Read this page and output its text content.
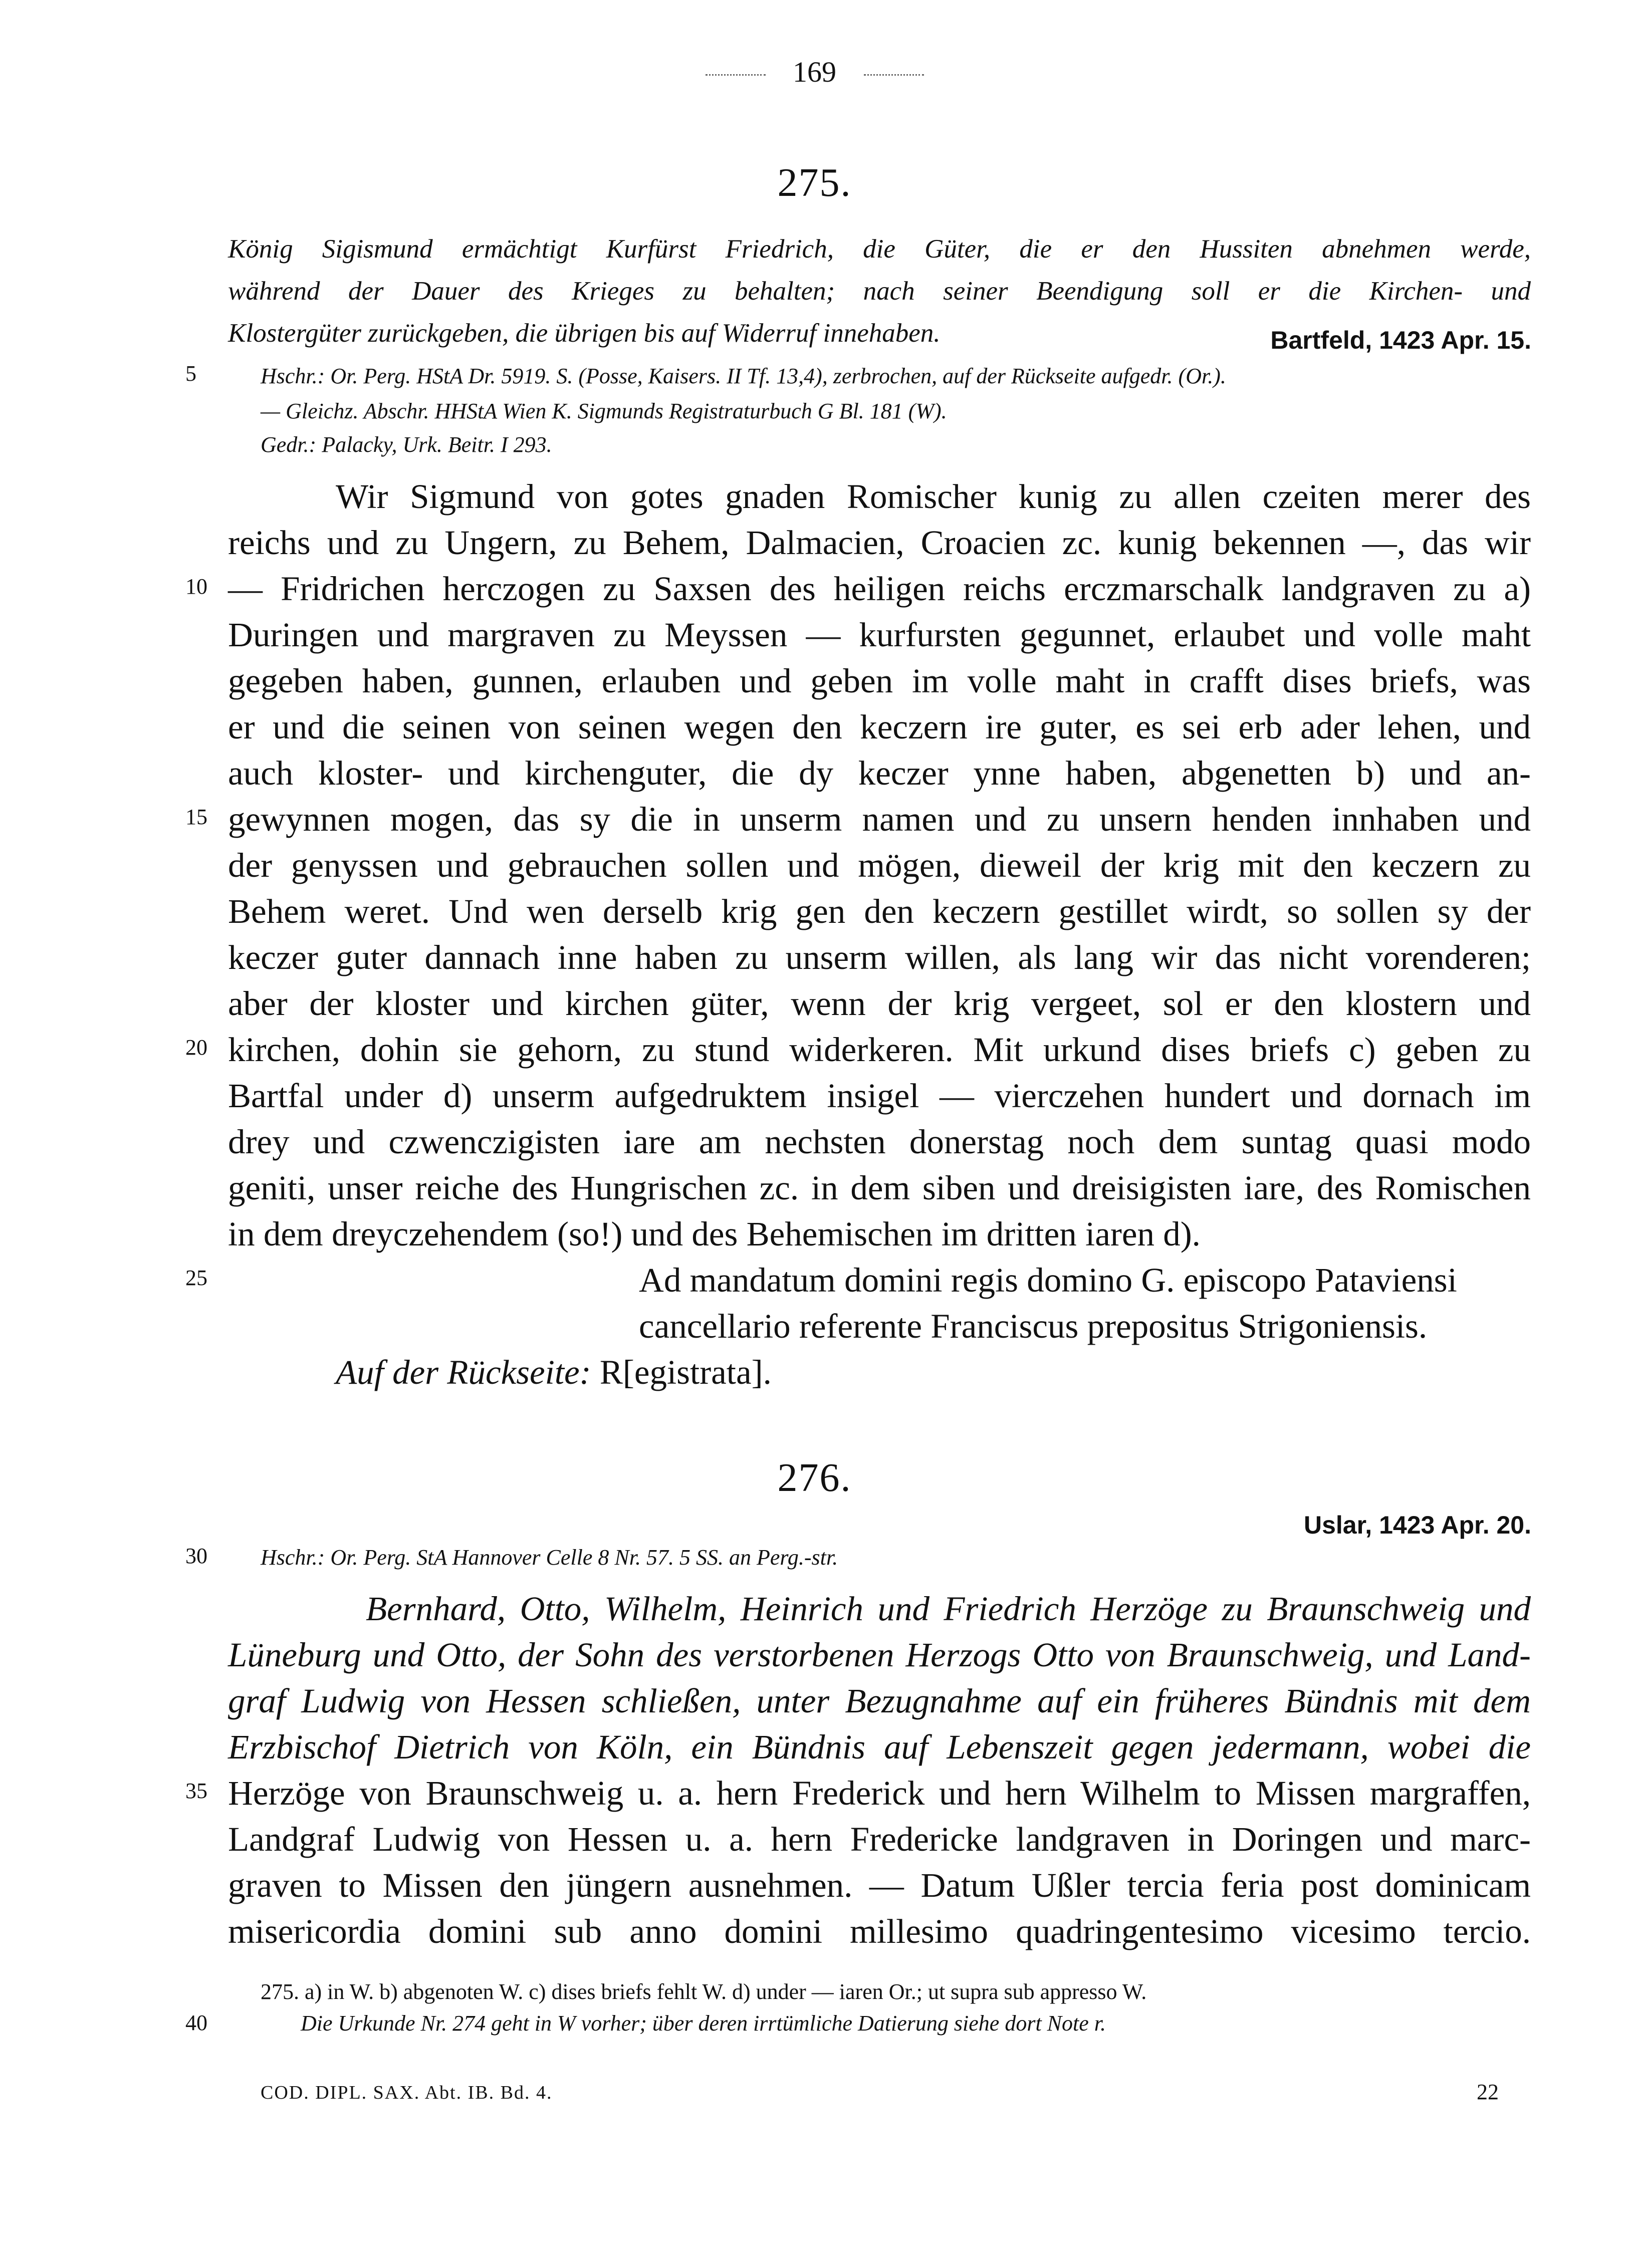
169
275.
König Sigismund ermächtigt Kurfürst Friedrich, die Güter, die er den Hussiten abnehmen werde,
während der Dauer des Krieges zu behalten; nach seiner Beendigung soll er die Kirchen- und
Klostergüter zurückgeben, die übrigen bis auf Widerruf innehaben.	Bartfeld, 1423 Apr. 15.
5	Hschr.: Or. Perg. HStA Dr. 5919. S. (Posse, Kaisers. II Tf. 13,4), zerbrochen, auf der Rückseite aufgedr. (Or.).
— Gleichz. Abschr. HHStA Wien K. Sigmunds Registraturbuch G Bl. 181 (W).
Gedr.: Palacky, Urk. Beitr. I 293.
Wir Sigmund von gotes gnaden Romischer kunig zu allen czeiten merer des
reichs und zu Ungern, zu Behem, Dalmacien, Croacien zc. kunig bekennen —, das wir
10 — Fridrichen herczogen zu Saxsen des heiligen reichs erczmarschalk landgraven zu a)
Duringen und margraven zu Meyssen — kurfursten gegunnet, erlaubet und volle maht
gegeben haben, gunnen, erlauben und geben im volle maht in crafft dises briefs, was
er und die seinen von seinen wegen den keczern ire guter, es sei erb ader lehen, und
auch kloster- und kirchenguter, die dy keczer ynne haben, abgenetten b) und an-
15 gewynnen mogen, das sy die in unserm namen und zu unsern henden innhaben und
der genyssen und gebrauchen sollen und mögen, dieweil der krig mit den keczern zu
Behem weret. Und wen derselb krig gen den keczern gestillet wirdt, so sollen sy der
keczer guter dannach inne haben zu unserm willen, als lang wir das nicht vorenderen;
aber der kloster und kirchen güter, wenn der krig vergeet, sol er den klostern und
20 kirchen, dohin sie gehorn, zu stund widerkeren. Mit urkund dises briefs c) geben zu
Bartfal under d) unserm aufgedruktem insigel — vierczehen hundert und dornach im
drey und czwenczigisten iare am nechsten donerstag noch dem suntag quasi modo
geniti, unser reiche des Hungrischen zc. in dem siben und dreisigisten iare, des Romischen
in dem dreyczehendem (so!) und des Behemischen im dritten iaren d).
25	Ad mandatum domini regis domino G. episcopo Pataviensi
cancellario referente Franciscus prepositus Strigoniensis.
Auf der Rückseite: R[egistrata].
276.
Uslar, 1423 Apr. 20.
30 Hschr.: Or. Perg. StA Hannover Celle 8 Nr. 57. 5 SS. an Perg.-str.
Bernhard, Otto, Wilhelm, Heinrich und Friedrich Herzöge zu Braunschweig und
Lüneburg und Otto, der Sohn des verstorbenen Herzogs Otto von Braunschweig, und Land-
graf Ludwig von Hessen schließen, unter Bezugnahme auf ein früheres Bündnis mit dem
Erzbischof Dietrich von Köln, ein Bündnis auf Lebenszeit gegen jedermann, wobei die
35 Herzöge von Braunschweig u. a. hern Frederick und hern Wilhelm to Missen margraffen,
Landgraf Ludwig von Hessen u. a. hern Fredericke landgraven in Doringen und marc-
graven to Missen den jüngern ausnehmen. — Datum Ußler tercia feria post dominicam
misericordia domini sub anno domini millesimo quadringentesimo vicesimo tercio.
275. a) in W. b) abgenoten W. c) dises briefs fehlt W. d) under — iaren Or.; ut supra sub appresso W.
40	Die Urkunde Nr. 274 geht in W vorher; über deren irrtümliche Datierung siehe dort Note r.
COD. DIPL. SAX. Abt. IB. Bd. 4.	22
